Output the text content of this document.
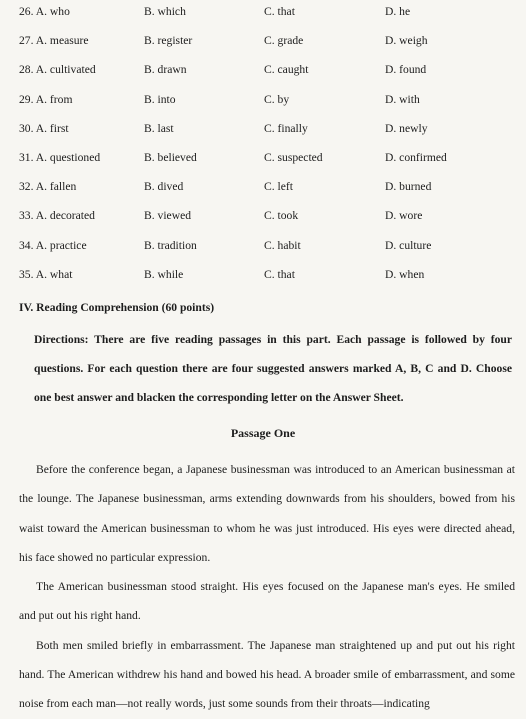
26. A. who	B. which	C. that	D. he
27. A. measure	B. register	C. grade	D. weigh
28. A. cultivated	B. drawn	C. caught	D. found
29. A. from	B. into	C. by	D. with
30. A. first	B. last	C. finally	D. newly
31. A. questioned	B. believed	C. suspected	D. confirmed
32. A. fallen	B. dived	C. left	D. burned
33. A. decorated	B. viewed	C. took	D. wore
34. A. practice	B. tradition	C. habit	D. culture
35. A. what	B. while	C. that	D. when
IV. Reading Comprehension (60 points)
Directions: There are five reading passages in this part. Each passage is followed by four questions. For each question there are four suggested answers marked A, B, C and D. Choose one best answer and blacken the corresponding letter on the Answer Sheet.
Passage One

Before the conference began, a Japanese businessman was introduced to an American businessman at the lounge. The Japanese businessman, arms extending downwards from his shoulders, bowed from his waist toward the American businessman to whom he was just introduced. His eyes were directed ahead, his face showed no particular expression.

The American businessman stood straight. His eyes focused on the Japanese man's eyes. He smiled and put out his right hand.

Both men smiled briefly in embarrassment. The Japanese man straightened up and put out his right hand. The American withdrew his hand and bowed his head. A broader smile of embarrassment, and some noise from each man—not really words, just some sounds from their throats—indicating
